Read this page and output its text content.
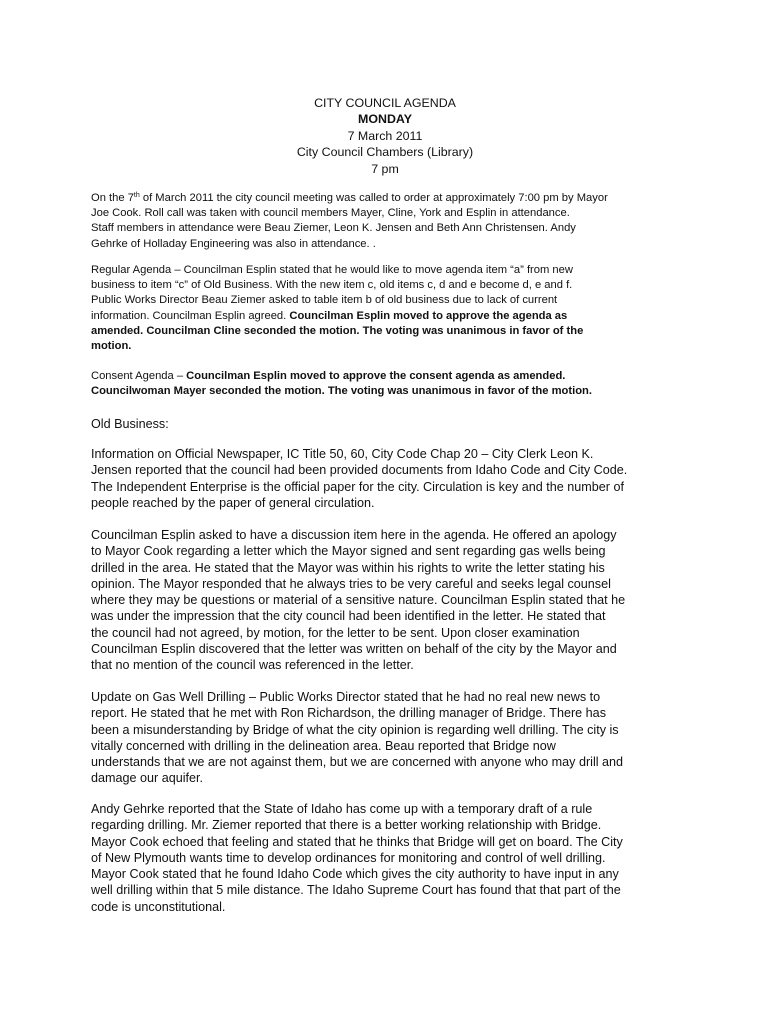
CITY COUNCIL AGENDA
MONDAY
7 March 2011
City Council Chambers (Library)
7 pm
On the 7th of March 2011 the city council meeting was called to order at approximately 7:00 pm by Mayor
Joe Cook. Roll call was taken with council members Mayer, Cline, York and Esplin in attendance.
Staff members in attendance were Beau Ziemer, Leon K. Jensen and Beth Ann Christensen. Andy
Gehrke of Holladay Engineering was also in attendance. .
Regular Agenda – Councilman Esplin stated that he would like to move agenda item “a” from new
business to item “c” of Old Business. With the new item c, old items c, d and e become d, e and f.
Public Works Director Beau Ziemer asked to table item b of old business due to lack of current
information. Councilman Esplin agreed. Councilman Esplin moved to approve the agenda as
amended. Councilman Cline seconded the motion. The voting was unanimous in favor of the
motion.
Consent Agenda – Councilman Esplin moved to approve the consent agenda as amended.
Councilwoman Mayer seconded the motion. The voting was unanimous in favor of the motion.
Old Business:
Information on Official Newspaper, IC Title 50, 60, City Code Chap 20 – City Clerk Leon K.
Jensen reported that the council had been provided documents from Idaho Code and City Code.
The Independent Enterprise is the official paper for the city. Circulation is key and the number of
people reached by the paper of general circulation.
Councilman Esplin asked to have a discussion item here in the agenda. He offered an apology
to Mayor Cook regarding a letter which the Mayor signed and sent regarding gas wells being
drilled in the area. He stated that the Mayor was within his rights to write the letter stating his
opinion. The Mayor responded that he always tries to be very careful and seeks legal counsel
where they may be questions or material of a sensitive nature. Councilman Esplin stated that he
was under the impression that the city council had been identified in the letter. He stated that
the council had not agreed, by motion, for the letter to be sent. Upon closer examination
Councilman Esplin discovered that the letter was written on behalf of the city by the Mayor and
that no mention of the council was referenced in the letter.
Update on Gas Well Drilling – Public Works Director stated that he had no real new news to
report. He stated that he met with Ron Richardson, the drilling manager of Bridge. There has
been a misunderstanding by Bridge of what the city opinion is regarding well drilling. The city is
vitally concerned with drilling in the delineation area. Beau reported that Bridge now
understands that we are not against them, but we are concerned with anyone who may drill and
damage our aquifer.
Andy Gehrke reported that the State of Idaho has come up with a temporary draft of a rule
regarding drilling. Mr. Ziemer reported that there is a better working relationship with Bridge.
Mayor Cook echoed that feeling and stated that he thinks that Bridge will get on board. The City
of New Plymouth wants time to develop ordinances for monitoring and control of well drilling.
Mayor Cook stated that he found Idaho Code which gives the city authority to have input in any
well drilling within that 5 mile distance. The Idaho Supreme Court has found that that part of the
code is unconstitutional.
